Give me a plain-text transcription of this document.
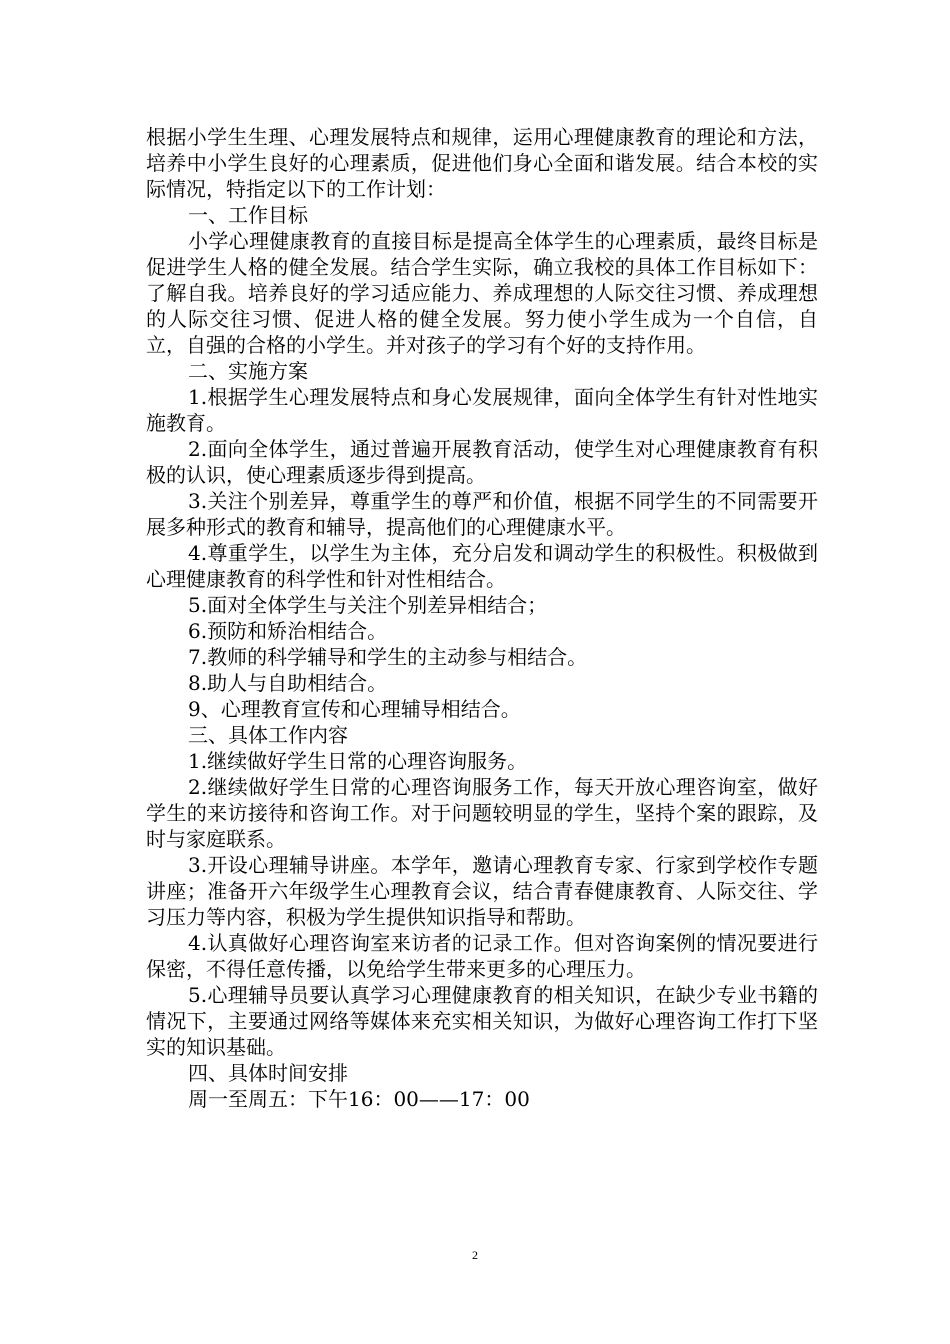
根据小学生生理、心理发展特点和规律，运用心理健康教育的理论和方法，培养中小学生良好的心理素质，促进他们身心全面和谐发展。结合本校的实际情况，特指定以下的工作计划：

一、工作目标

小学心理健康教育的直接目标是提高全体学生的心理素质，最终目标是促进学生人格的健全发展。结合学生实际，确立我校的具体工作目标如下：了解自我。培养良好的学习适应能力、养成理想的人际交往习惯、养成理想的人际交往习惯、促进人格的健全发展。努力使小学生成为一个自信，自立，自强的合格的小学生。并对孩子的学习有个好的支持作用。

二、实施方案

1.根据学生心理发展特点和身心发展规律，面向全体学生有针对性地实施教育。

2.面向全体学生，通过普遍开展教育活动，使学生对心理健康教育有积极的认识，使心理素质逐步得到提高。

3.关注个别差异，尊重学生的尊严和价值，根据不同学生的不同需要开展多种形式的教育和辅导，提高他们的心理健康水平。

4.尊重学生，以学生为主体，充分启发和调动学生的积极性。积极做到心理健康教育的科学性和针对性相结合。

5.面对全体学生与关注个别差异相结合；

6.预防和矫治相结合。

7.教师的科学辅导和学生的主动参与相结合。

8.助人与自助相结合。

9、心理教育宣传和心理辅导相结合。

三、具体工作内容

1.继续做好学生日常的心理咨询服务。

2.继续做好学生日常的心理咨询服务工作，每天开放心理咨询室，做好学生的来访接待和咨询工作。对于问题较明显的学生，坚持个案的跟踪，及时与家庭联系。

3.开设心理辅导讲座。本学年，邀请心理教育专家、行家到学校作专题讲座；准备开六年级学生心理教育会议，结合青春健康教育、人际交往、学习压力等内容，积极为学生提供知识指导和帮助。

4.认真做好心理咨询室来访者的记录工作。但对咨询案例的情况要进行保密，不得任意传播，以免给学生带来更多的心理压力。

5.心理辅导员要认真学习心理健康教育的相关知识，在缺少专业书籍的情况下，主要通过网络等媒体来充实相关知识，为做好心理咨询工作打下坚实的知识基础。

四、具体时间安排

周一至周五：下午16：00——17：00

2
